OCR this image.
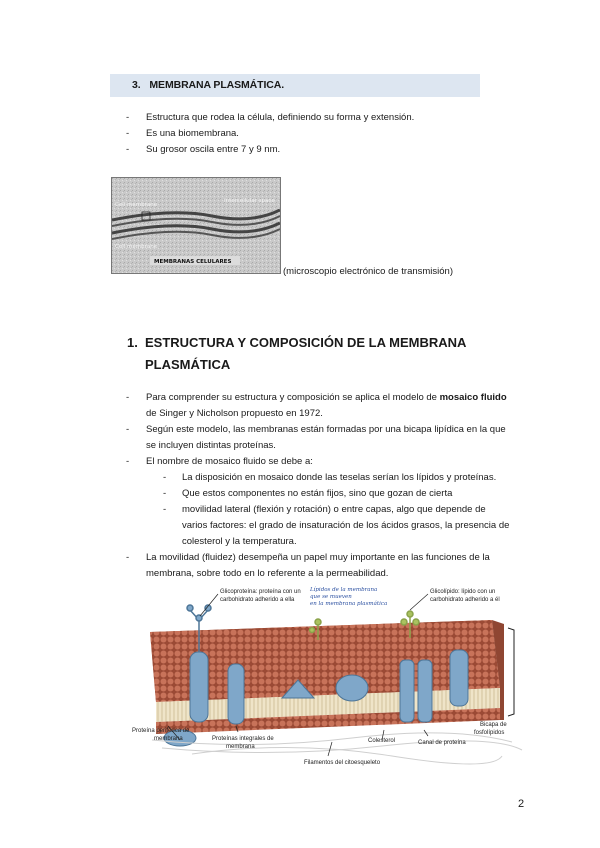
3. MEMBRANA PLASMÁTICA.
- Estructura que rodea la célula, definiendo su forma y extensión.
- Es una biomembrana.
- Su grosor oscila entre 7 y 9 nm.
Cell membrane
Intercellular space
Cell membrane
MEMBRANAS CELULARES
(microscopio electrónico de transmisión)
1. ESTRUCTURA Y COMPOSICIÓN DE LA MEMBRANA
PLASMÁTICA
- Para comprender su estructura y composición se aplica el modelo de mosaico fluido
de Singer y Nicholson propuesto en 1972.
- Según este modelo, las membranas están formadas por una bicapa lipídica en la que
se incluyen distintas proteínas.
- El nombre de mosaico fluido se debe a:
- La disposición en mosaico donde las teselas serían los lípidos y proteínas.
- Que estos componentes no están fijos, sino que gozan de cierta
- movilidad lateral (flexión y rotación) o entre capas, algo que depende de
varios factores: el grado de insaturación de los ácidos grasos, la presencia de
colesterol y la temperatura.
- La movilidad (fluidez) desempeña un papel muy importante en las funciones de la
membrana, sobre todo en lo referente a la permeabilidad.
Glicoproteína: proteína con un
carbohidrato adherido a ella
Lípidos de la membrana
que se mueven
en la membrana plasmática
Glicolípido: lípido con un
carbohidrato adherido a él
Proteína periférica de
membrana	Proteínas integrales de
membrana
Colesterol	Canal de proteína
Bicapa de
fosfolípidos
Filamentos del citoesqueleto
2
